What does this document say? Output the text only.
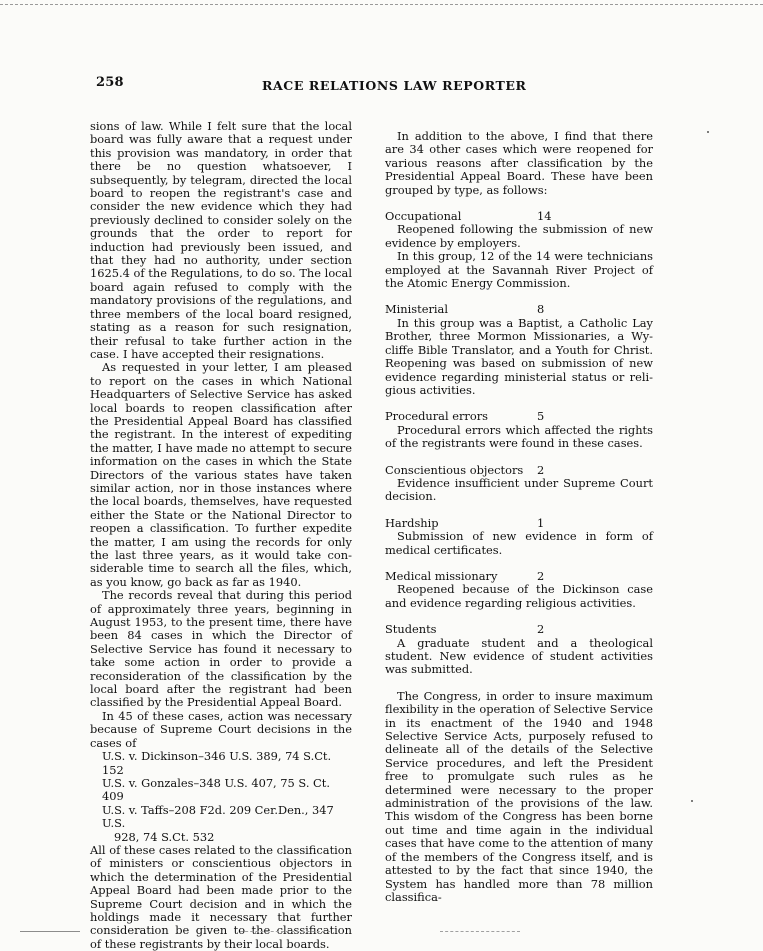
258	RACE RELATIONS LAW REPORTER

sions of law. While I felt sure that the local board was fully aware that a request under this provision was mandatory, in order that there be no question whatsoever, I subsequently, by telegram, directed the local board to reopen the registrant's case and consider the new evidence which they had previously declined to consider solely on the grounds that the order to report for induction had previously been issued, and that they had no authority, under section 1625.4 of the Regulations, to do so. The local board again refused to comply with the mandatory provisions of the regulations, and three members of the local board resigned, stating as a reason for such resignation, their refusal to take further action in the case. I have accepted their resignations.

As requested in your letter, I am pleased to report on the cases in which National Headquarters of Selective Service has asked local boards to reopen classification after the Presidential Appeal Board has classified the registrant. In the interest of expediting the matter, I have made no attempt to secure information on the cases in which the State Directors of the various states have taken similar action, nor in those instances where the local boards, themselves, have requested either the State or the National Director to reopen a classification. To further expedite the matter, I am using the records for only the last three years, as it would take considerable time to search all the files, which, as you know, go back as far as 1940.

The records reveal that during this period of approximately three years, beginning in August 1953, to the present time, there have been 84 cases in which the Director of Selective Service has found it necessary to take some action in order to provide a reconsideration of the classification by the local board after the registrant had been classified by the Presidential Appeal Board.

In 45 of these cases, action was necessary because of Supreme Court decisions in the cases of

U.S. v. Dickinson–346 U.S. 389, 74 S.Ct. 152

U.S. v. Gonzales–348 U.S. 407, 75 S. Ct. 409

U.S. v. Taffs–208 F2d. 209 Cer.Den., 347 U.S.

928, 74 S.Ct. 532

All of these cases related to the classification of ministers or conscientious objectors in which the determination of the Presidential Appeal Board had been made prior to the Supreme Court decision and in which the holdings made it necessary that further consideration be given to the classification of these registrants by their local boards.

In addition to the above, I find that there are 34 other cases which were reopened for various reasons after classification by the Presidential Appeal Board. These have been grouped by type, as follows:

Occupational	14

Reopened following the submission of new evidence by employers.

In this group, 12 of the 14 were technicians employed at the Savannah River Project of the Atomic Energy Commission.

Ministerial	8

In this group was a Baptist, a Catholic Lay Brother, three Mormon Missionaries, a Wycliffe Bible Translator, and a Youth for Christ. Reopening was based on submission of new evidence regarding ministerial status or religious activities.

Procedural errors	5

Procedural errors which affected the rights of the registrants were found in these cases.

Conscientious objectors	2

Evidence insufficient under Supreme Court decision.

Hardship	1

Submission of new evidence in form of medical certificates.

Medical missionary	2

Reopened because of the Dickinson case and evidence regarding religious activities.

Students	2

A graduate student and a theological student. New evidence of student activities was submitted.

The Congress, in order to insure maximum flexibility in the operation of Selective Service in its enactment of the 1940 and 1948 Selective Service Acts, purposely refused to delineate all of the details of the Selective Service procedures, and left the President free to promulgate such rules as he determined were necessary to the proper administration of the provisions of the law. This wisdom of the Congress has been borne out time and time again in the individual cases that have come to the attention of many of the members of the Congress itself, and is attested to by the fact that since 1940, the System has handled more than 78 million classifica-
